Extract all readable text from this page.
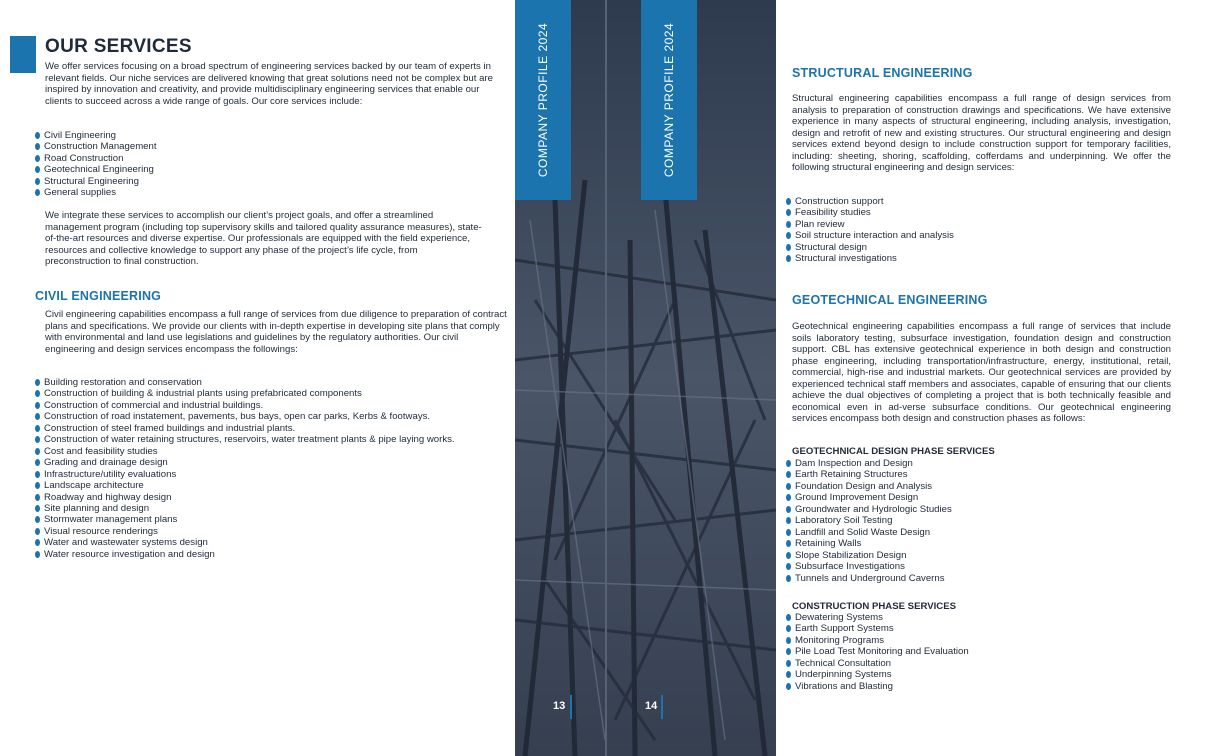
OUR SERVICES

We offer services focusing on a broad spectrum of engineering services backed by our team of experts in relevant fields. Our niche services are delivered knowing that great solutions need not be complex but are inspired by innovation and creativity, and provide multidisciplinary engineering services that enable our clients to succeed across a wide range of goals. Our core services include:

Civil Engineering
Construction Management
Road Construction
Geotechnical Engineering
Structural Engineering
General supplies

We integrate these services to accomplish our client’s project goals, and offer a streamlined management program (including top supervisory skills and tailored quality assurance measures), state-of-the-art resources and diverse expertise. Our professionals are equipped with the field experience, resources and collective knowledge to support any phase of the project’s life cycle, from preconstruction to final construction.

CIVIL ENGINEERING

Civil engineering capabilities encompass a full range of services from due diligence to preparation of contract plans and specifications. We provide our clients with in-depth expertise in developing site plans that comply with environmental and land use legislations and guidelines by the regulatory authorities. Our civil engineering and design services encompass the followings:

Building restoration and conservation
Construction of building & industrial plants using prefabricated components
Construction of commercial and industrial buildings.
Construction of road instatement, pavements, bus bays, open car parks, Kerbs & footways.
Construction of steel framed buildings and industrial plants.
Construction of water retaining structures, reservoirs, water treatment plants & pipe laying works.
Cost and feasibility studies
Grading and drainage design
Infrastructure/utility evaluations
Landscape architecture
Roadway and highway design
Site planning and design
Stormwater management plans
Visual resource renderings
Water and wastewater systems design
Water resource investigation and design
COMPANY PROFILE 2024	COMPANY PROFILE 2024
13	14
STRUCTURAL ENGINEERING

Structural engineering capabilities encompass a full range of design services from analysis to preparation of construction drawings and specifications. We have extensive experience in many aspects of structural engineering, including analysis, investigation, design and retrofit of new and existing structures. Our structural engineering and design services extend beyond design to include construction support for temporary facilities, including: sheeting, shoring, scaffolding, cofferdams and underpinning. We offer the following structural engineering and design services:

Construction support
Feasibility studies
Plan review
Soil structure interaction and analysis
Structural design
Structural investigations
GEOTECHNICAL ENGINEERING

Geotechnical engineering capabilities encompass a full range of services that include soils laboratory testing, subsurface investigation, foundation design and construction support. CBL has extensive geotechnical experience in both design and construction phase engineering, including transportation/infrastructure, energy, institutional, retail, commercial, high-rise and industrial markets. Our geotechnical services are provided by experienced technical staff members and associates, capable of ensuring that our clients achieve the dual objectives of completing a project that is both technically feasible and economical even in ad-verse subsurface conditions. Our geotechnical engineering services encompass both design and construction phases as follows:

GEOTECHNICAL DESIGN PHASE SERVICES
Dam Inspection and Design
Earth Retaining Structures
Foundation Design and Analysis
Ground Improvement Design
Groundwater and Hydrologic Studies
Laboratory Soil Testing
Landfill and Solid Waste Design
Retaining Walls
Slope Stabilization Design
Subsurface Investigations
Tunnels and Underground Caverns
CONSTRUCTION PHASE SERVICES
Dewatering Systems
Earth Support Systems
Monitoring Programs
Pile Load Test Monitoring and Evaluation
Technical Consultation
Underpinning Systems
Vibrations and Blasting
